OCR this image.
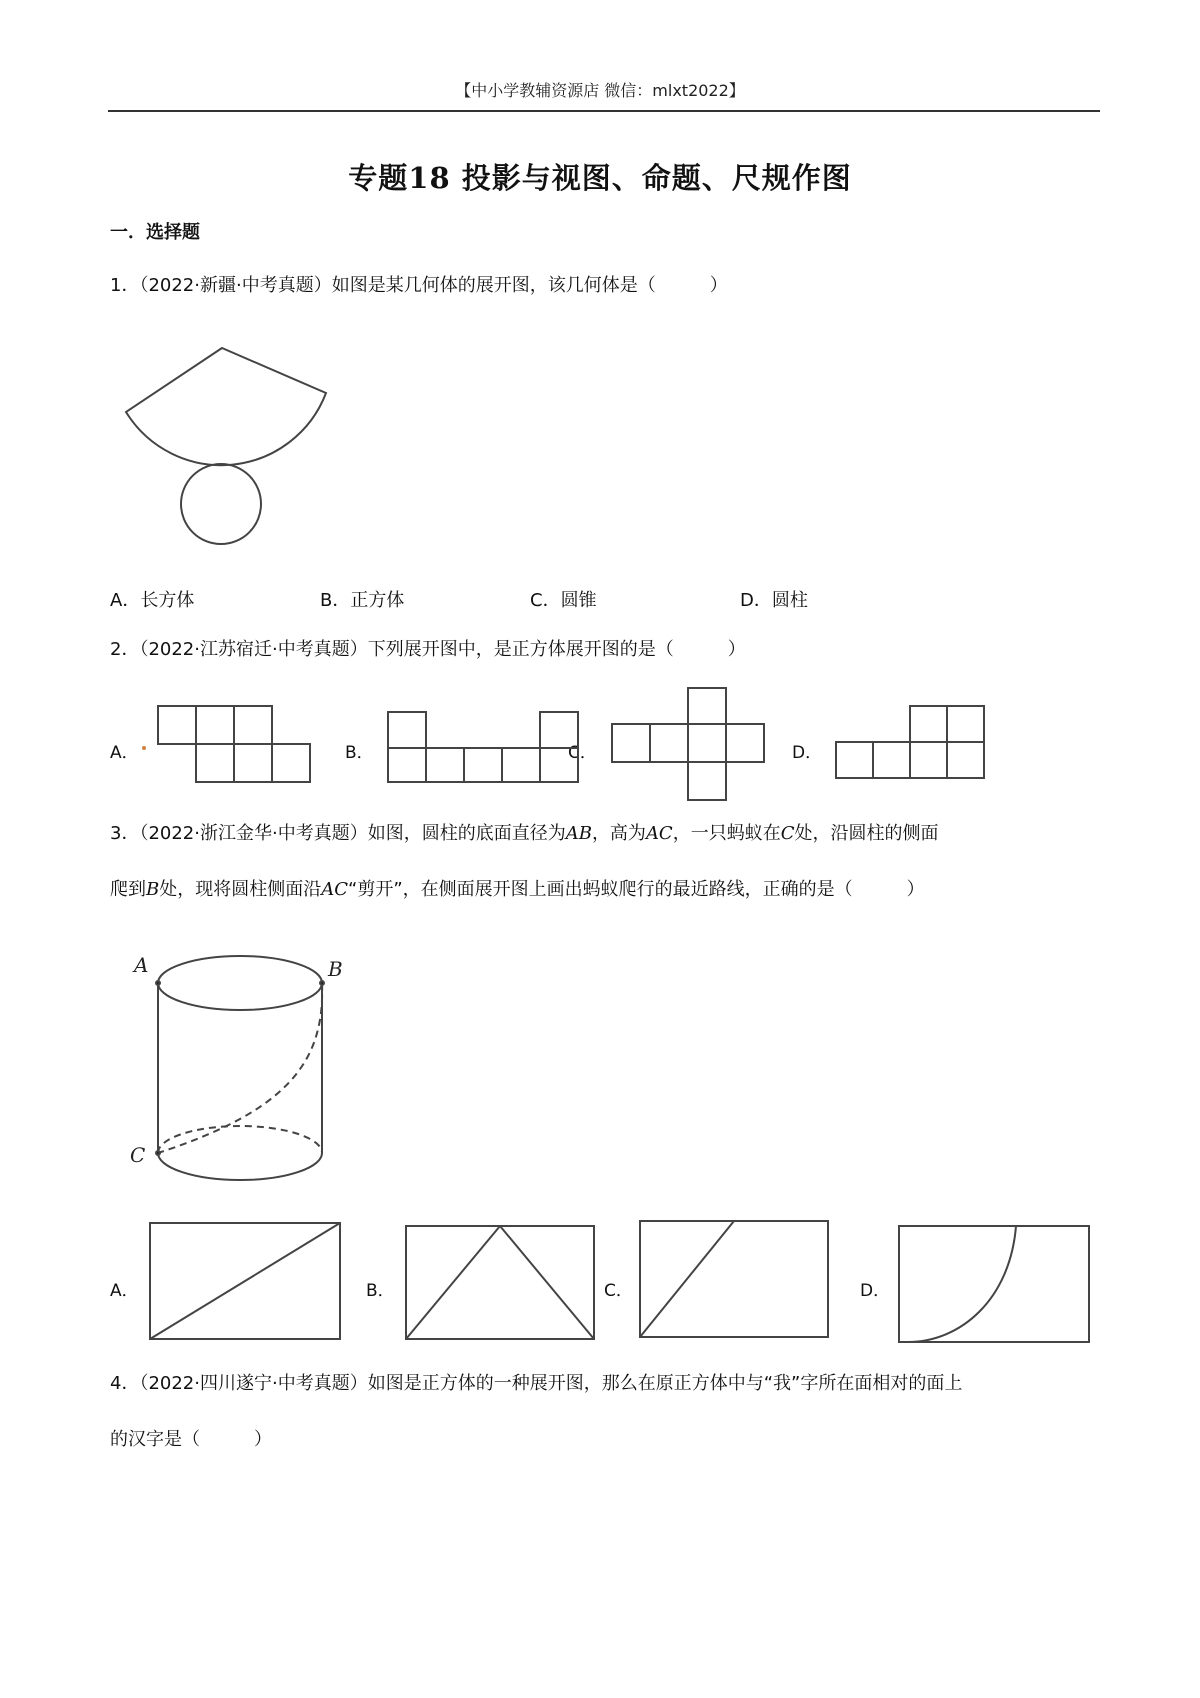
【中小学教辅资源店 微信：mlxt2022】
专题18 投影与视图、命题、尺规作图
一．选择题
1．（2022·新疆·中考真题）如图是某几何体的展开图，该几何体是（　　　）
A．长方体	B．正方体	C．圆锥	D．圆柱
2．（2022·江苏宿迁·中考真题）下列展开图中，是正方体展开图的是（　　　）
A．	B．	C．	D．
3．（2022·浙江金华·中考真题）如图，圆柱的底面直径为AB，高为AC，一只蚂蚁在C处，沿圆柱的侧面
爬到B处，现将圆柱侧面沿AC“剪开”，在侧面展开图上画出蚂蚁爬行的最近路线，正确的是（　　　）
A	B
C
A．	B．	C．	D．
4．（2022·四川遂宁·中考真题）如图是正方体的一种展开图，那么在原正方体中与“我”字所在面相对的面上
的汉字是（　　　）
